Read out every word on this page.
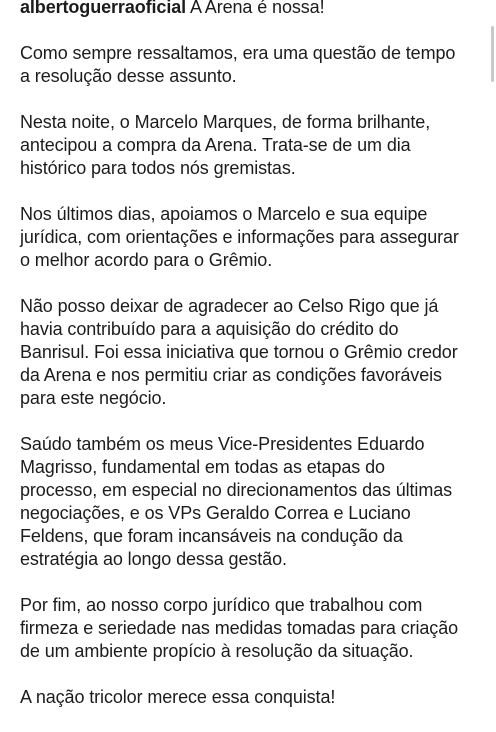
albertoguerraoficial A Arena é nossa!

Como sempre ressaltamos, era uma questão de tempo
a resolução desse assunto.

Nesta noite, o Marcelo Marques, de forma brilhante,
antecipou a compra da Arena. Trata-se de um dia
histórico para todos nós gremistas.

Nos últimos dias, apoiamos o Marcelo e sua equipe
jurídica, com orientações e informações para assegurar
o melhor acordo para o Grêmio.

Não posso deixar de agradecer ao Celso Rigo que já
havia contribuído para a aquisição do crédito do
Banrisul. Foi essa iniciativa que tornou o Grêmio credor
da Arena e nos permitiu criar as condições favoráveis
para este negócio.

Saúdo também os meus Vice-Presidentes Eduardo
Magrisso, fundamental em todas as etapas do
processo, em especial no direcionamentos das últimas
negociações, e os VPs Geraldo Correa e Luciano
Feldens, que foram incansáveis na condução da
estratégia ao longo dessa gestão.

Por fim, ao nosso corpo jurídico que trabalhou com
firmeza e seriedade nas medidas tomadas para criação
de um ambiente propício à resolução da situação.

A nação tricolor merece essa conquista!
